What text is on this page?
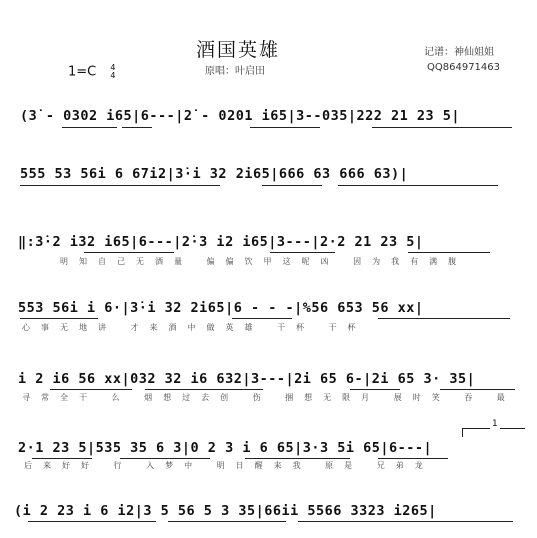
酒国英雄
1=C 4
4	原唱：叶启田
记谱：神仙姐姐
QQ864971463
(3̇ - 0302 i65|6---|2̇ - 0201 i65|3--035|222 21 23 5|
555 53 56i 6 67i2|3̇·i 32 2i65|666 63 666 63)|
‖:3̇·2 i32 i65|6---|2̇·3 i2 i65|3---|2·2 21 23 5|
明知自己无酒量 偏偏饮甲这呢凶 因为我有满腹
553 56i i 6·|3̇·i 32 2i65|6 - - -|%56 653 56 xx|
心事无地讲 才来酒中做英雄 干杯 干杯
i 2 i6 56 xx|032 32 i6 632|3---|2i 65 6-|2i 65 3· 35|
寻常全干 么 烟想过去创 伤 捆想无限月 展时笑 吞 最
2·1 23 5|535 35 6 3|0 2 3 i 6 65|3·3 5i 65|6---|
后来好好 行 入梦中 明日醒来我 原是 兄弟龙
1
(i 2 23 i 6 i2|3 5 56 5 3 35|66ii 5566 3323 i265|
